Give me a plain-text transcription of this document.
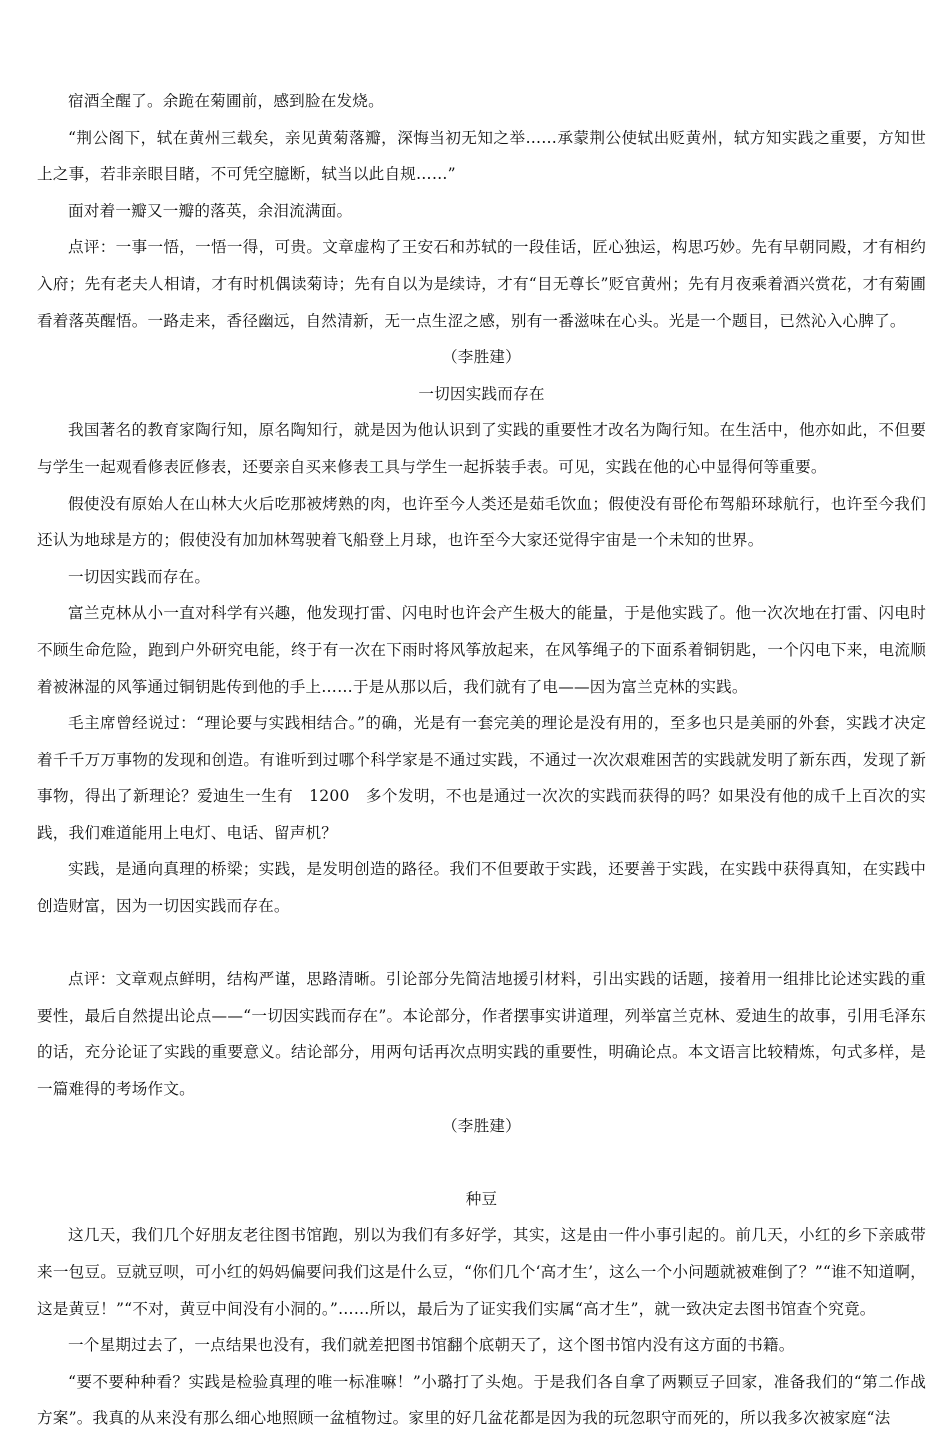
宿酒全醒了。余跪在菊圃前，感到脸在发烧。

“荆公阁下，轼在黄州三载矣，亲见黄菊落瓣，深悔当初无知之举……承蒙荆公使轼出贬黄州，轼方知实践之重要，方知世上之事，若非亲眼目睹，不可凭空臆断，轼当以此自规……”

面对着一瓣又一瓣的落英，余泪流满面。

点评：一事一悟，一悟一得，可贵。文章虚构了王安石和苏轼的一段佳话，匠心独运，构思巧妙。先有早朝同殿，才有相约入府；先有老夫人相请，才有时机偶读菊诗；先有自以为是续诗，才有“目无尊长”贬官黄州；先有月夜乘着酒兴赏花，才有菊圃看着落英醒悟。一路走来，香径幽远，自然清新，无一点生涩之感，别有一番滋味在心头。光是一个题目，已然沁入心脾了。

（李胜建）

一切因实践而存在

我国著名的教育家陶行知，原名陶知行，就是因为他认识到了实践的重要性才改名为陶行知。在生活中，他亦如此，不但要与学生一起观看修表匠修表，还要亲自买来修表工具与学生一起拆装手表。可见，实践在他的心中显得何等重要。

假使没有原始人在山林大火后吃那被烤熟的肉，也许至今人类还是茹毛饮血；假使没有哥伦布驾船环球航行，也许至今我们还认为地球是方的；假使没有加加林驾驶着飞船登上月球，也许至今大家还觉得宇宙是一个未知的世界。

一切因实践而存在。

富兰克林从小一直对科学有兴趣，他发现打雷、闪电时也许会产生极大的能量，于是他实践了。他一次次地在打雷、闪电时不顾生命危险，跑到户外研究电能，终于有一次在下雨时将风筝放起来，在风筝绳子的下面系着铜钥匙，一个闪电下来，电流顺着被淋湿的风筝通过铜钥匙传到他的手上……于是从那以后，我们就有了电——因为富兰克林的实践。

毛主席曾经说过：“理论要与实践相结合。”的确，光是有一套完美的理论是没有用的，至多也只是美丽的外套，实践才决定着千千万万事物的发现和创造。有谁听到过哪个科学家是不通过实践，不通过一次次艰难困苦的实践就发明了新东西，发现了新事物，得出了新理论？爱迪生一生有　1200　多个发明，不也是通过一次次的实践而获得的吗？如果没有他的成千上百次的实践，我们难道能用上电灯、电话、留声机？

实践，是通向真理的桥梁；实践，是发明创造的路径。我们不但要敢于实践，还要善于实践，在实践中获得真知，在实践中创造财富，因为一切因实践而存在。

点评：文章观点鲜明，结构严谨，思路清晰。引论部分先简洁地援引材料，引出实践的话题，接着用一组排比论述实践的重要性，最后自然提出论点——“一切因实践而存在”。本论部分，作者摆事实讲道理，列举富兰克林、爱迪生的故事，引用毛泽东的话，充分论证了实践的重要意义。结论部分，用两句话再次点明实践的重要性，明确论点。本文语言比较精炼，句式多样，是一篇难得的考场作文。

（李胜建）

种豆

这几天，我们几个好朋友老往图书馆跑，别以为我们有多好学，其实，这是由一件小事引起的。前几天，小红的乡下亲戚带来一包豆。豆就豆呗，可小红的妈妈偏要问我们这是什么豆，“你们几个‘高才生’，这么一个小问题就被难倒了？”“谁不知道啊，这是黄豆！”“不对，黄豆中间没有小洞的。”……所以，最后为了证实我们实属“高才生”，就一致决定去图书馆查个究竟。

一个星期过去了，一点结果也没有，我们就差把图书馆翻个底朝天了，这个图书馆内没有这方面的书籍。

“要不要种种看？实践是检验真理的唯一标准嘛！”小璐打了头炮。于是我们各自拿了两颗豆子回家，准备我们的“第二作战方案”。我真的从来没有那么细心地照顾一盆植物过。家里的好几盆花都是因为我的玩忽职守而死的，所以我多次被家庭“法
